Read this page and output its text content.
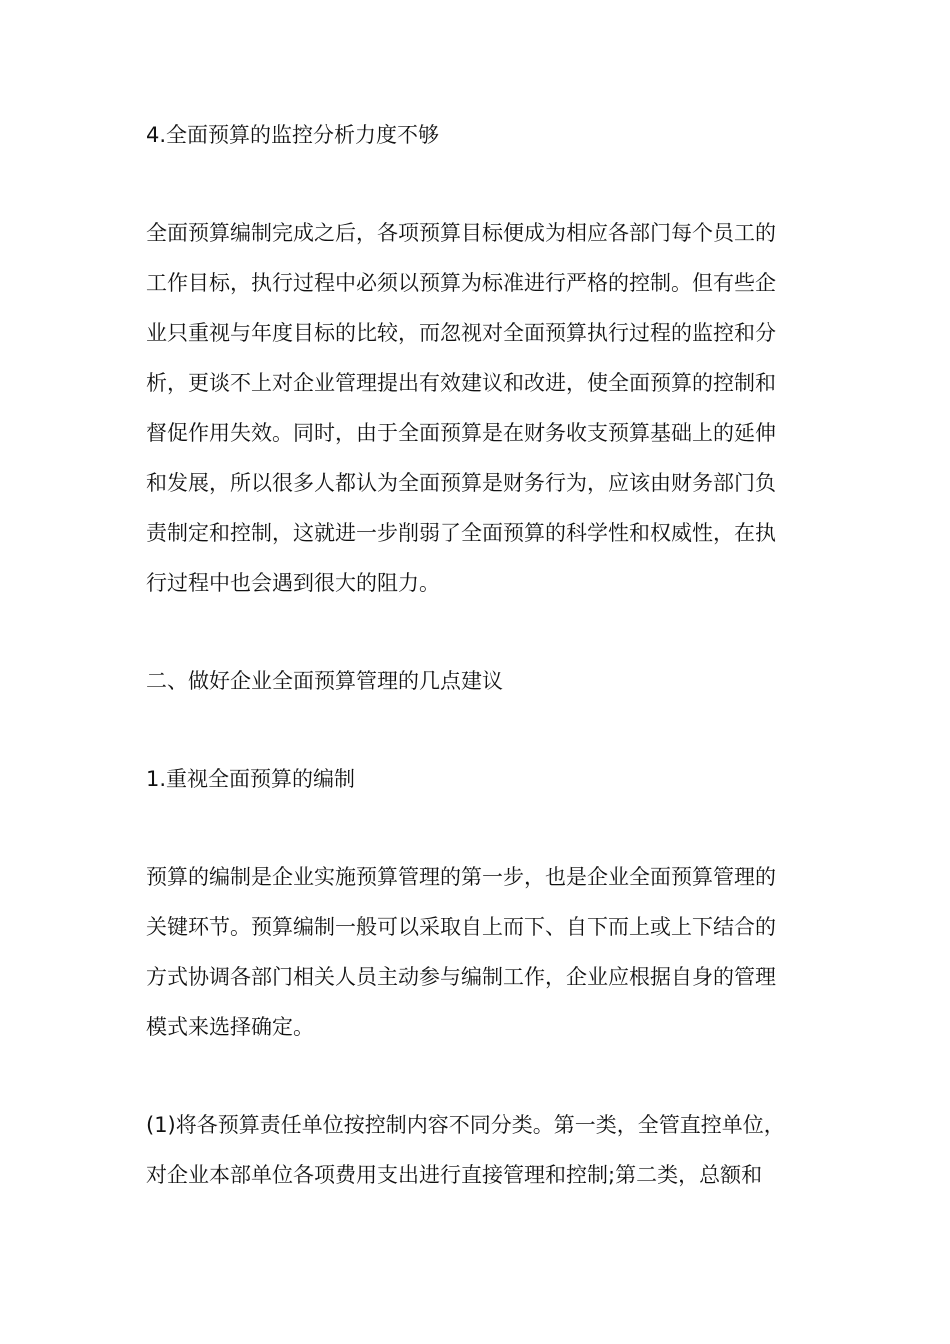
4.全面预算的监控分析力度不够

全面预算编制完成之后，各项预算目标便成为相应各部门每个员工的
工作目标，执行过程中必须以预算为标准进行严格的控制。但有些企
业只重视与年度目标的比较，而忽视对全面预算执行过程的监控和分
析，更谈不上对企业管理提出有效建议和改进，使全面预算的控制和
督促作用失效。同时，由于全面预算是在财务收支预算基础上的延伸
和发展，所以很多人都认为全面预算是财务行为，应该由财务部门负
责制定和控制，这就进一步削弱了全面预算的科学性和权威性，在执
行过程中也会遇到很大的阻力。

二、做好企业全面预算管理的几点建议

1.重视全面预算的编制

预算的编制是企业实施预算管理的第一步，也是企业全面预算管理的
关键环节。预算编制一般可以采取自上而下、自下而上或上下结合的
方式协调各部门相关人员主动参与编制工作，企业应根据自身的管理
模式来选择确定。
(1)将各预算责任单位按控制内容不同分类。第一类，全管直控单位，
对企业本部单位各项费用支出进行直接管理和控制;第二类，总额和
